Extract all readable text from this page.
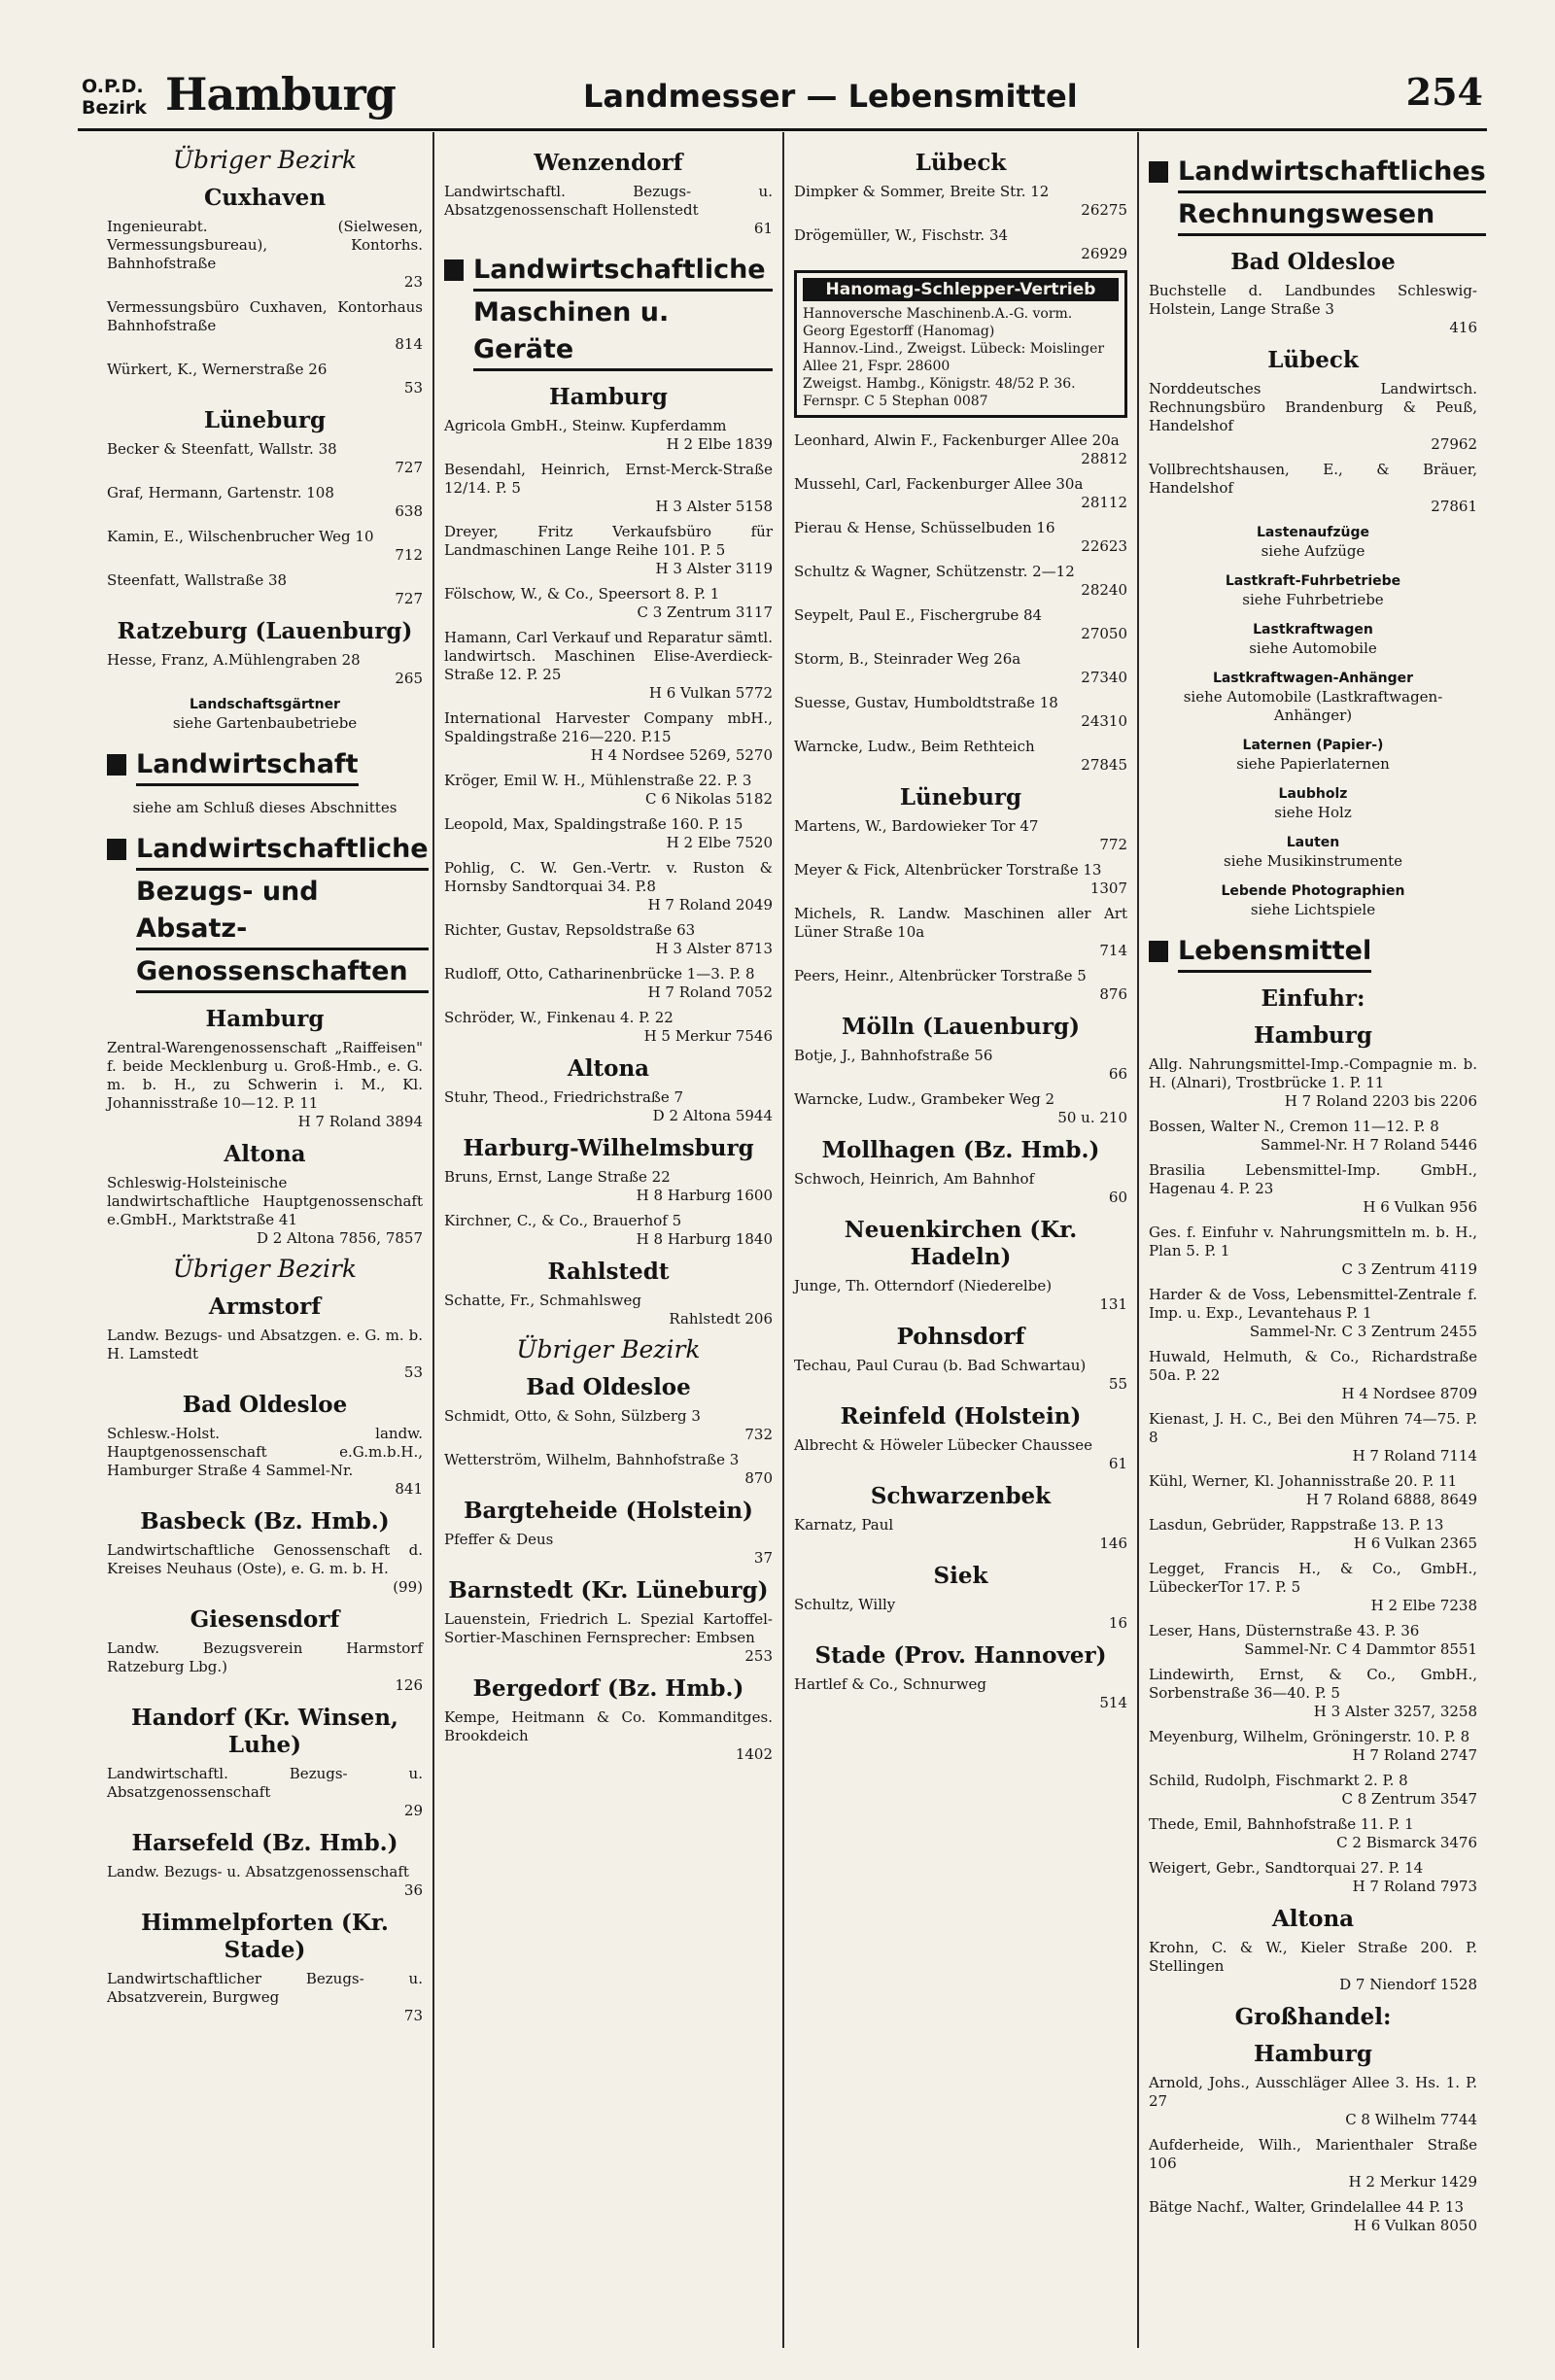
O.P.D.
Bezirk Hamburg	Landmesser — Lebensmittel	254
Übriger Bezirk
Cuxhaven
Ingenieurabt. (Sielwesen, Vermessungsbureau), Kontorhs. Bahnhofstraße
23
Vermessungsbüro Cuxhaven, Kontorhaus Bahnhofstraße
814
Würkert, K., Wernerstraße 26
53
Lüneburg
Becker & Steenfatt, Wallstr. 38
727
Graf, Hermann, Gartenstr. 108
638
Kamin, E., Wilschenbrucher Weg 10
712
Steenfatt, Wallstraße 38
727
Ratzeburg (Lauenburg)
Hesse, Franz, A.Mühlengraben 28
265
Landschaftsgärtner
siehe Gartenbaubetriebe
Landwirtschaft
siehe am Schluß dieses Abschnittes
Landwirtschaftliche
Bezugs- und Absatz-
Genossenschaften
Hamburg
Zentral-Warengenossenschaft „Raiffeisen" f. beide Mecklenburg u. Groß-Hmb., e. G. m. b. H., zu Schwerin i. M., Kl. Johannisstraße 10—12. P. 11
H 7 Roland 3894
Altona
Schleswig-Holsteinische landwirtschaftliche Hauptgenossenschaft e.GmbH., Marktstraße 41
D 2 Altona 7856, 7857
Übriger Bezirk
Armstorf
Landw. Bezugs- und Absatzgen. e. G. m. b. H. Lamstedt
53
Bad Oldesloe
Schlesw.-Holst. landw. Hauptgenossenschaft e.G.m.b.H., Hamburger Straße 4 Sammel-Nr.
841
Basbeck (Bz. Hmb.)
Landwirtschaftliche Genossenschaft d. Kreises Neuhaus (Oste), e. G. m. b. H.
(99)
Giesensdorf
Landw. Bezugsverein Harmstorf Ratzeburg Lbg.)
126
Handorf (Kr. Winsen, Luhe)
Landwirtschaftl. Bezugs- u. Absatzgenossenschaft
29
Harsefeld (Bz. Hmb.)
Landw. Bezugs- u. Absatzgenossenschaft
36
Himmelpforten (Kr. Stade)
Landwirtschaftlicher Bezugs- u. Absatzverein, Burgweg
73
Wenzendorf
Landwirtschaftl. Bezugs- u. Absatzgenossenschaft Hollenstedt
61
Landwirtschaftliche
Maschinen u. Geräte
Hamburg
Agricola GmbH., Steinw. Kupferdamm
H 2 Elbe 1839
Besendahl, Heinrich, Ernst-Merck-Straße 12/14. P. 5
H 3 Alster 5158
Dreyer, Fritz Verkaufsbüro für Landmaschinen Lange Reihe 101. P. 5
H 3 Alster 3119
Fölschow, W., & Co., Speersort 8. P. 1
C 3 Zentrum 3117
Hamann, Carl Verkauf und Reparatur sämtl. landwirtsch. Maschinen Elise-Averdieck-Straße 12. P. 25
H 6 Vulkan 5772
International Harvester Company mbH., Spaldingstraße 216—220. P.15
H 4 Nordsee 5269, 5270
Kröger, Emil W. H., Mühlenstraße 22. P. 3
C 6 Nikolas 5182
Leopold, Max, Spaldingstraße 160. P. 15
H 2 Elbe 7520
Pohlig, C. W. Gen.-Vertr. v. Ruston & Hornsby Sandtorquai 34. P.8
H 7 Roland 2049
Richter, Gustav, Repsoldstraße 63
H 3 Alster 8713
Rudloff, Otto, Catharinenbrücke 1—3. P. 8
H 7 Roland 7052
Schröder, W., Finkenau 4. P. 22
H 5 Merkur 7546
Altona
Stuhr, Theod., Friedrichstraße 7
D 2 Altona 5944
Harburg-Wilhelmsburg
Bruns, Ernst, Lange Straße 22
H 8 Harburg 1600
Kirchner, C., & Co., Brauerhof 5
H 8 Harburg 1840
Rahlstedt
Schatte, Fr., Schmahlsweg
Rahlstedt 206
Übriger Bezirk
Bad Oldesloe
Schmidt, Otto, & Sohn, Sülzberg 3
732
Wetterström, Wilhelm, Bahnhofstraße 3
870
Bargteheide (Holstein)
Pfeffer & Deus
37
Barnstedt (Kr. Lüneburg)
Lauenstein, Friedrich L. Spezial Kartoffel-Sortier-Maschinen Fernsprecher: Embsen
253
Bergedorf (Bz. Hmb.)
Kempe, Heitmann & Co. Kommanditges. Brookdeich
1402
Lübeck
Dimpker & Sommer, Breite Str. 12
26275
Drögemüller, W., Fischstr. 34
26929
Hanomag-Schlepper-Vertrieb
Hannoversche Maschinenb.A.-G. vorm. Georg Egestorff (Hanomag)
Hannov.-Lind., Zweigst. Lübeck: Moislinger Allee 21, Fspr. 28600
Zweigst. Hambg., Königstr. 48/52 P. 36. Fernspr. C 5 Stephan 0087
Leonhard, Alwin F., Fackenburger Allee 20a
28812
Mussehl, Carl, Fackenburger Allee 30a
28112
Pierau & Hense, Schüsselbuden 16
22623
Schultz & Wagner, Schützenstr. 2—12
28240
Seypelt, Paul E., Fischergrube 84
27050
Storm, B., Steinrader Weg 26a
27340
Suesse, Gustav, Humboldtstraße 18
24310
Warncke, Ludw., Beim Rethteich
27845
Lüneburg
Martens, W., Bardowieker Tor 47
772
Meyer & Fick, Altenbrücker Torstraße 13
1307
Michels, R. Landw. Maschinen aller Art Lüner Straße 10a
714
Peers, Heinr., Altenbrücker Torstraße 5
876
Mölln (Lauenburg)
Botje, J., Bahnhofstraße 56
66
Warncke, Ludw., Grambeker Weg 2
50 u. 210
Mollhagen (Bz. Hmb.)
Schwoch, Heinrich, Am Bahnhof
60
Neuenkirchen (Kr. Hadeln)
Junge, Th. Otterndorf (Niederelbe)
131
Pohnsdorf
Techau, Paul Curau (b. Bad Schwartau)
55
Reinfeld (Holstein)
Albrecht & Höweler Lübecker Chaussee
61
Schwarzenbek
Karnatz, Paul
146
Siek
Schultz, Willy
16
Stade (Prov. Hannover)
Hartlef & Co., Schnurweg
514
Landwirtschaftliches
Rechnungswesen
Bad Oldesloe
Buchstelle d. Landbundes Schleswig-Holstein, Lange Straße 3
416
Lübeck
Norddeutsches Landwirtsch. Rechnungsbüro Brandenburg & Peuß, Handelshof
27962
Vollbrechtshausen, E., & Bräuer, Handelshof
27861
Lastenaufzüge
siehe Aufzüge
Lastkraft-Fuhrbetriebe
siehe Fuhrbetriebe
Lastkraftwagen
siehe Automobile
Lastkraftwagen-Anhänger
siehe Automobile (Lastkraftwagen-Anhänger)
Laternen (Papier-)
siehe Papierlaternen
Laubholz
siehe Holz
Lauten
siehe Musikinstrumente
Lebende Photographien
siehe Lichtspiele
Lebensmittel
Einfuhr:
Hamburg
Allg. Nahrungsmittel-Imp.-Compagnie m. b. H. (Alnari), Trostbrücke 1. P. 11
H 7 Roland 2203 bis 2206
Bossen, Walter N., Cremon 11—12. P. 8
Sammel-Nr. H 7 Roland 5446
Brasilia Lebensmittel-Imp. GmbH., Hagenau 4. P. 23
H 6 Vulkan 956
Ges. f. Einfuhr v. Nahrungsmitteln m. b. H., Plan 5. P. 1
C 3 Zentrum 4119
Harder & de Voss, Lebensmittel-Zentrale f. Imp. u. Exp., Levantehaus P. 1
Sammel-Nr. C 3 Zentrum 2455
Huwald, Helmuth, & Co., Richardstraße 50a. P. 22
H 4 Nordsee 8709
Kienast, J. H. C., Bei den Mühren 74—75. P. 8
H 7 Roland 7114
Kühl, Werner, Kl. Johannisstraße 20. P. 11
H 7 Roland 6888, 8649
Lasdun, Gebrüder, Rappstraße 13. P. 13
H 6 Vulkan 2365
Legget, Francis H., & Co., GmbH., LübeckerTor 17. P. 5
H 2 Elbe 7238
Leser, Hans, Düsternstraße 43. P. 36
Sammel-Nr. C 4 Dammtor 8551
Lindewirth, Ernst, & Co., GmbH., Sorbenstraße 36—40. P. 5
H 3 Alster 3257, 3258
Meyenburg, Wilhelm, Gröningerstr. 10. P. 8
H 7 Roland 2747
Schild, Rudolph, Fischmarkt 2. P. 8
C 8 Zentrum 3547
Thede, Emil, Bahnhofstraße 11. P. 1
C 2 Bismarck 3476
Weigert, Gebr., Sandtorquai 27. P. 14
H 7 Roland 7973
Altona
Krohn, C. & W., Kieler Straße 200. P. Stellingen
D 7 Niendorf 1528
Großhandel:
Hamburg
Arnold, Johs., Ausschläger Allee 3. Hs. 1. P. 27
C 8 Wilhelm 7744
Aufderheide, Wilh., Marienthaler Straße 106
H 2 Merkur 1429
Bätge Nachf., Walter, Grindelallee 44 P. 13
H 6 Vulkan 8050
